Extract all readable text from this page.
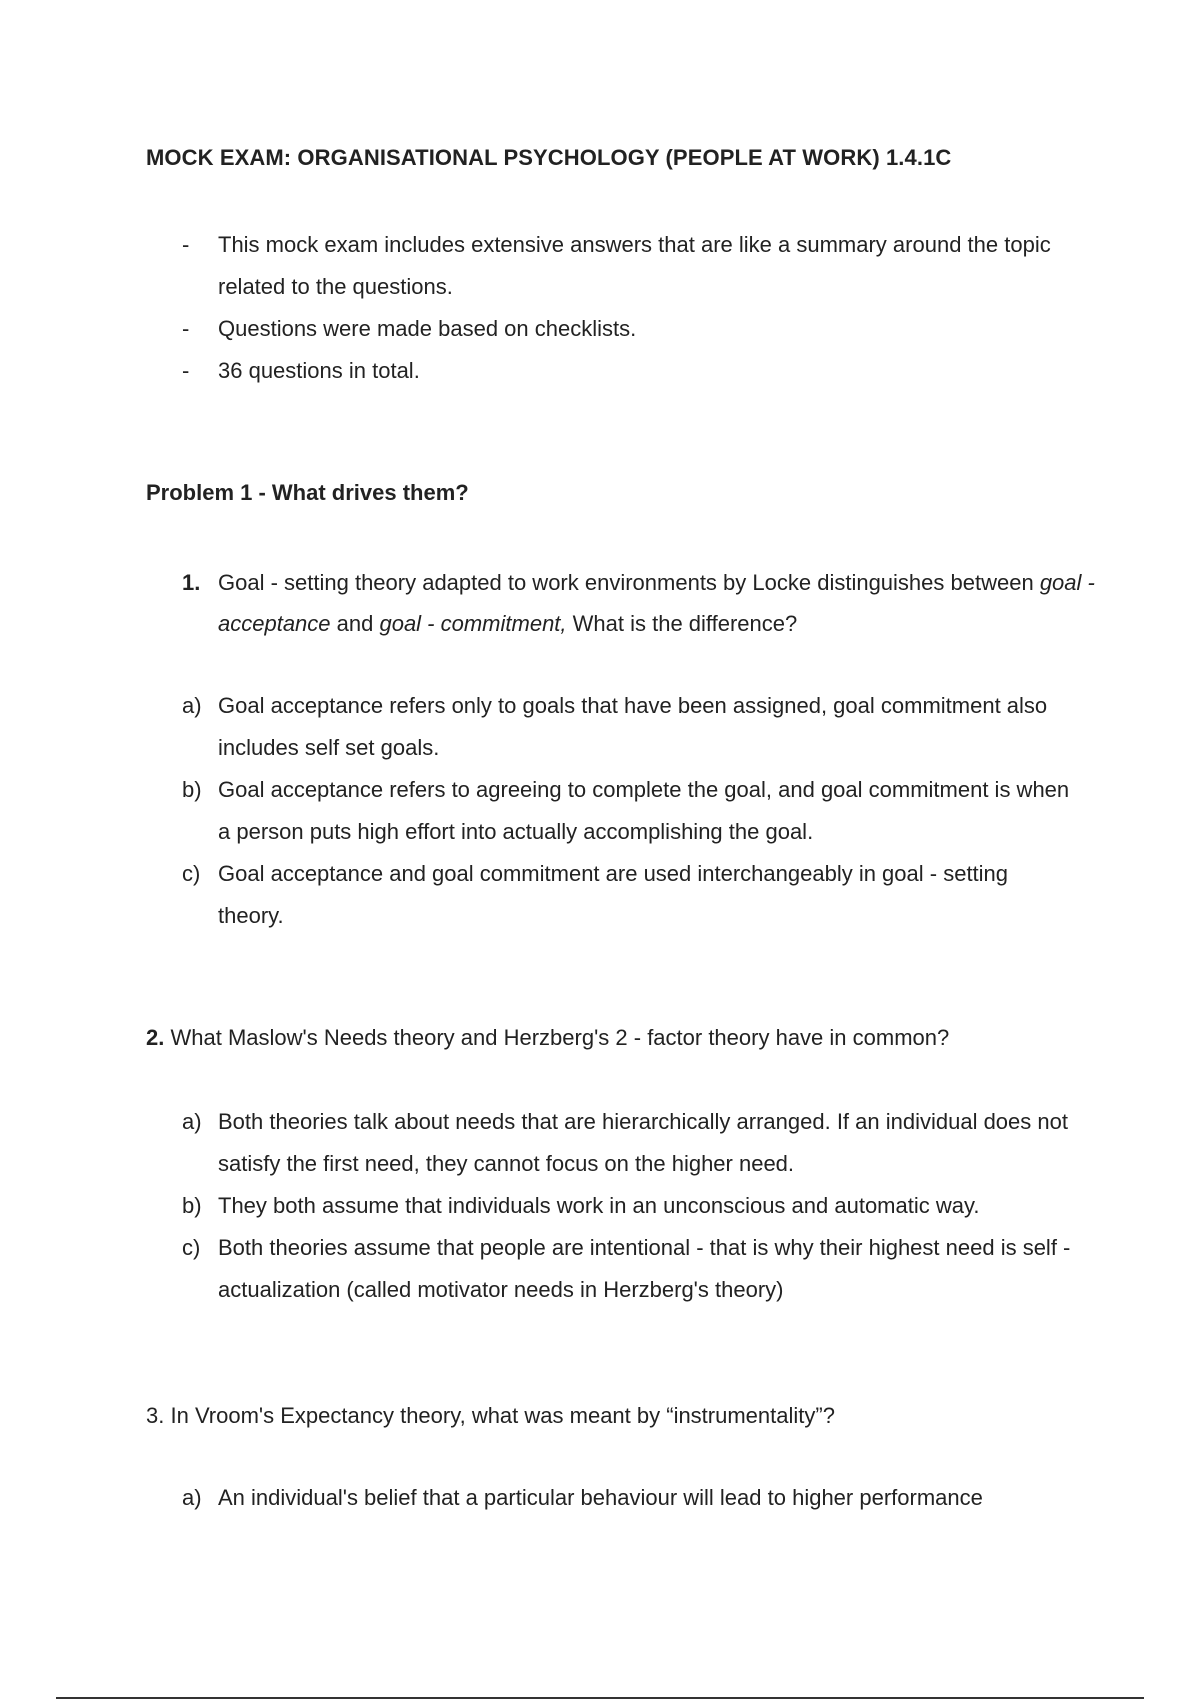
MOCK EXAM: ORGANISATIONAL PSYCHOLOGY (PEOPLE AT WORK) 1.4.1C
- This mock exam includes extensive answers that are like a summary around the topic related to the questions.
- Questions were made based on checklists.
- 36 questions in total.
Problem 1 - What drives them?

1. Goal - setting theory adapted to work environments by Locke distinguishes between goal - acceptance and goal - commitment, What is the difference?

a) Goal acceptance refers only to goals that have been assigned, goal commitment also includes self set goals.
b) Goal acceptance refers to agreeing to complete the goal, and goal commitment is when a person puts high effort into actually accomplishing the goal.
c) Goal acceptance and goal commitment are used interchangeably in goal - setting theory.

2. What Maslow's Needs theory and Herzberg's 2 - factor theory have in common?

a) Both theories talk about needs that are hierarchically arranged. If an individual does not satisfy the first need, they cannot focus on the higher need.
b) They both assume that individuals work in an unconscious and automatic way.
c) Both theories assume that people are intentional - that is why their highest need is self - actualization (called motivator needs in Herzberg's theory)

3. In Vroom's Expectancy theory, what was meant by “instrumentality”?

a) An individual's belief that a particular behaviour will lead to higher performance
